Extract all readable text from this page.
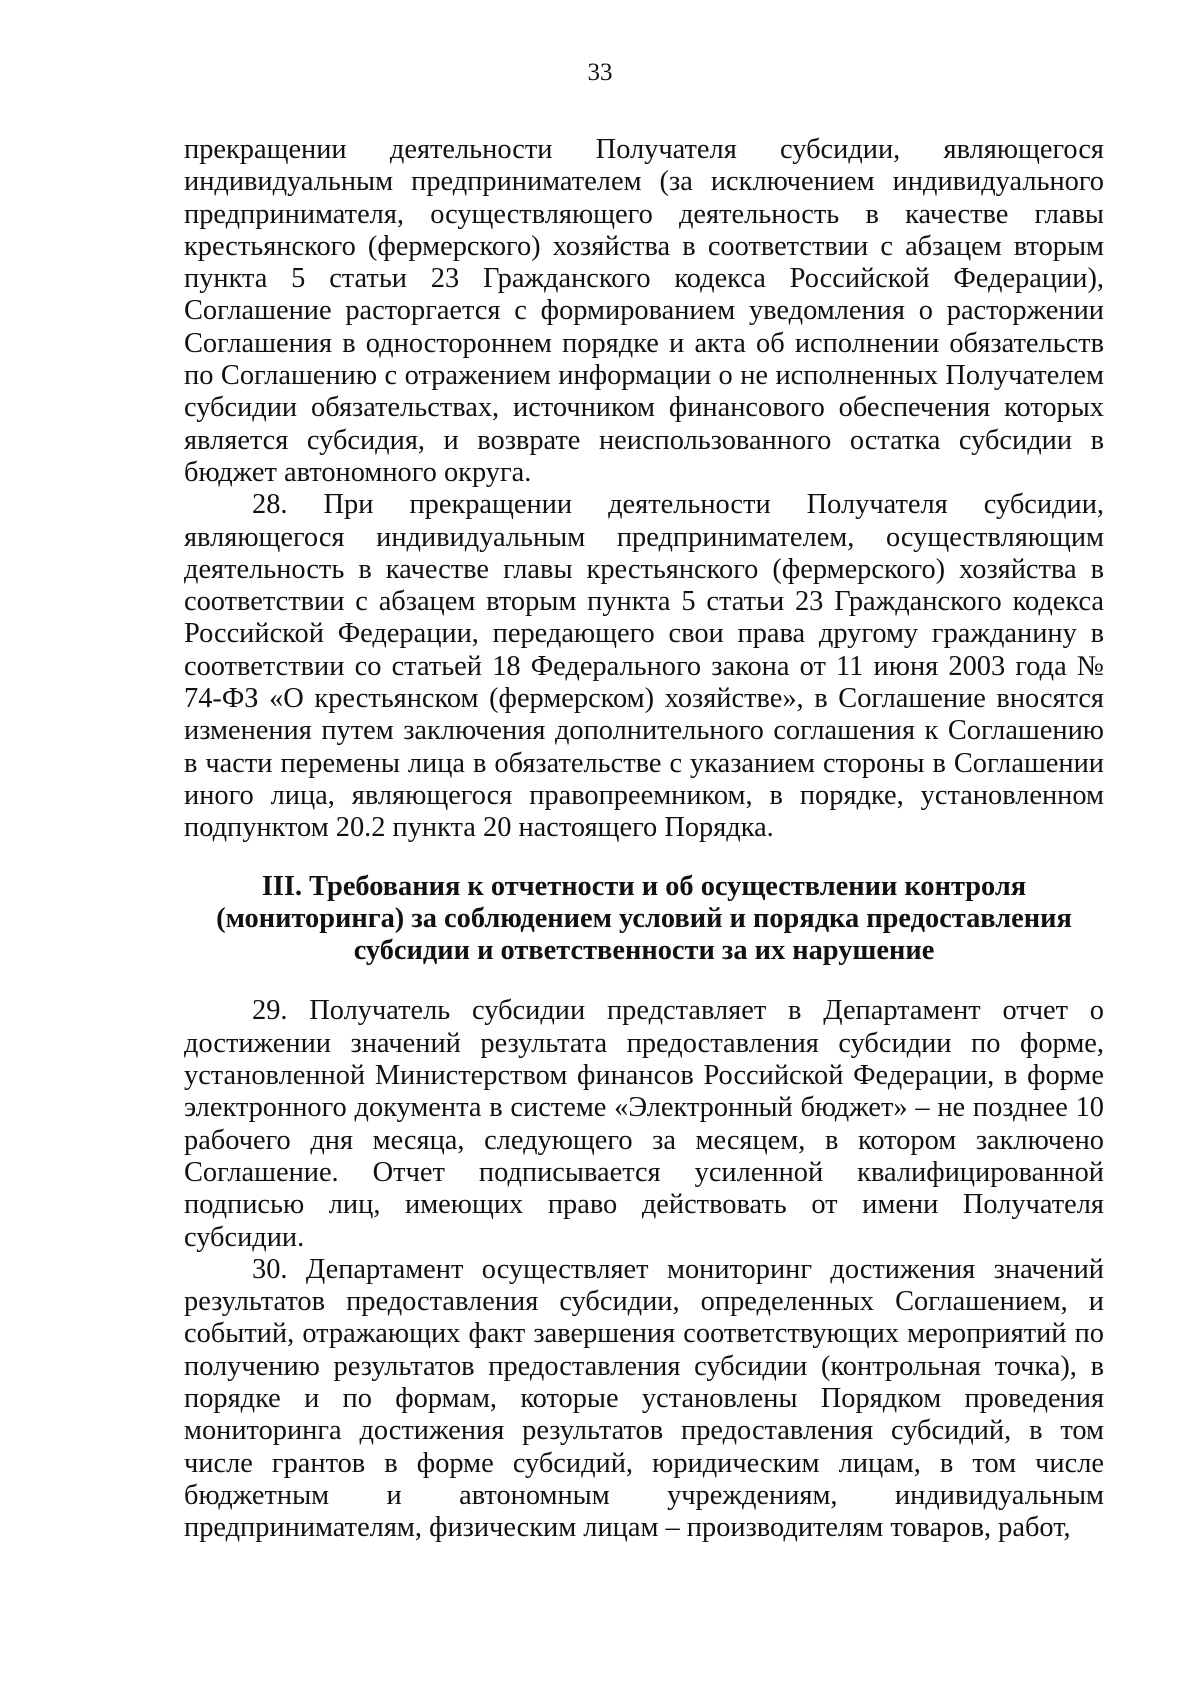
33

прекращении деятельности Получателя субсидии, являющегося индивидуальным предпринимателем (за исключением индивидуального предпринимателя, осуществляющего деятельность в качестве главы крестьянского (фермерского) хозяйства в соответствии с абзацем вторым пункта 5 статьи 23 Гражданского кодекса Российской Федерации), Соглашение расторгается с формированием уведомления о расторжении Соглашения в одностороннем порядке и акта об исполнении обязательств по Соглашению с отражением информации о не исполненных Получателем субсидии обязательствах, источником финансового обеспечения которых является субсидия, и возврате неиспользованного остатка субсидии в бюджет автономного округа.

28. При прекращении деятельности Получателя субсидии, являющегося индивидуальным предпринимателем, осуществляющим деятельность в качестве главы крестьянского (фермерского) хозяйства в соответствии с абзацем вторым пункта 5 статьи 23 Гражданского кодекса Российской Федерации, передающего свои права другому гражданину в соответствии со статьей 18 Федерального закона от 11 июня 2003 года № 74-ФЗ «О крестьянском (фермерском) хозяйстве», в Соглашение вносятся изменения путем заключения дополнительного соглашения к Соглашению в части перемены лица в обязательстве с указанием стороны в Соглашении иного лица, являющегося правопреемником, в порядке, установленном подпунктом 20.2 пункта 20 настоящего Порядка.

III. Требования к отчетности и об осуществлении контроля
(мониторинга) за соблюдением условий и порядка предоставления
субсидии и ответственности за их нарушение

29. Получатель субсидии представляет в Департамент отчет о достижении значений результата предоставления субсидии по форме, установленной Министерством финансов Российской Федерации, в форме электронного документа в системе «Электронный бюджет» – не позднее 10 рабочего дня месяца, следующего за месяцем, в котором заключено Соглашение. Отчет подписывается усиленной квалифицированной подписью лиц, имеющих право действовать от имени Получателя субсидии.

30. Департамент осуществляет мониторинг достижения значений результатов предоставления субсидии, определенных Соглашением, и событий, отражающих факт завершения соответствующих мероприятий по получению результатов предоставления субсидии (контрольная точка), в порядке и по формам, которые установлены Порядком проведения мониторинга достижения результатов предоставления субсидий, в том числе грантов в форме субсидий, юридическим лицам, в том числе бюджетным и автономным учреждениям, индивидуальным предпринимателям, физическим лицам – производителям товаров, работ,
